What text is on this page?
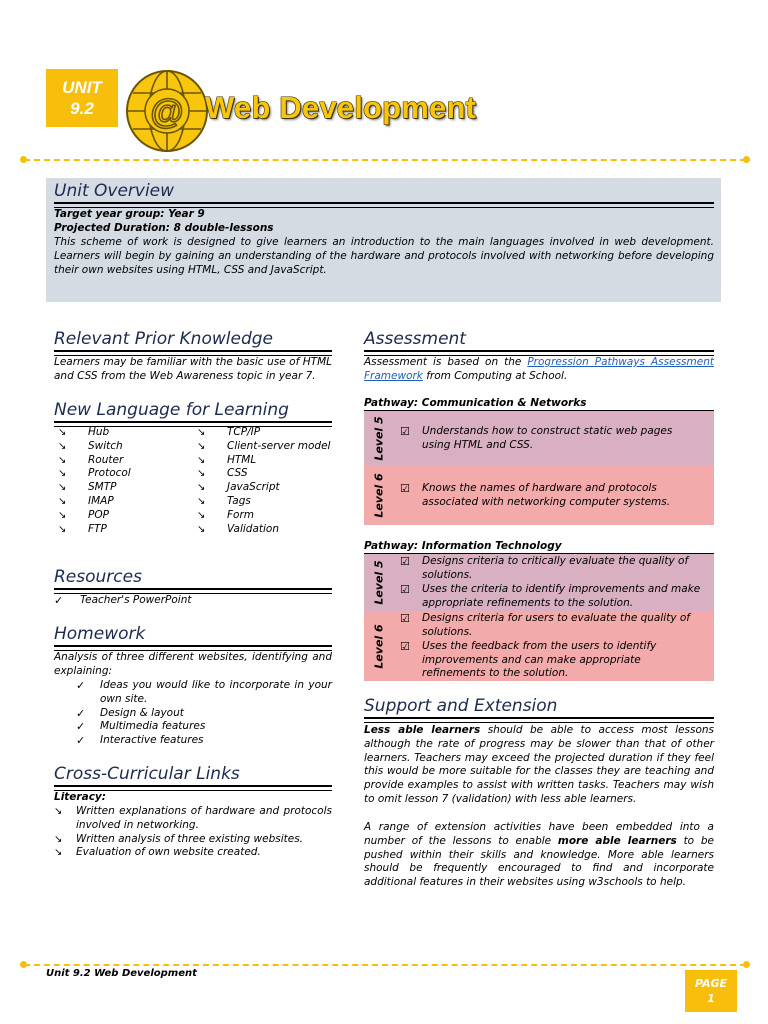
UNIT
9.2	@ Web Development
Unit Overview
Target year group: Year 9
Projected Duration: 8 double-lessons
This scheme of work is designed to give learners an introduction to the main languages involved in web development. Learners will begin by gaining an understanding of the hardware and protocols involved with networking before developing their own websites using HTML, CSS and JavaScript.
Relevant Prior Knowledge
Learners may be familiar with the basic use of HTML and CSS from the Web Awareness topic in year 7.
New Language for Learning
↘	Hub
↘	Switch
↘	Router
↘	Protocol
↘	SMTP
↘	IMAP
↘	POP
↘	FTP
↘	TCP/IP
↘	Client-server model
↘	HTML
↘	CSS
↘	JavaScript
↘	Tags
↘	Form
↘	Validation
Resources
✓	Teacher's PowerPoint
Homework
Analysis of three different websites, identifying and explaining:
✓	Ideas you would like to incorporate in your own site.
✓	Design & layout
✓	Multimedia features
✓	Interactive features
Cross-Curricular Links
Literacy:
↘	Written explanations of hardware and protocols involved in networking.
↘	Written analysis of three existing websites.
↘	Evaluation of own website created.
Assessment
Assessment is based on the Progression Pathways Assessment Framework from Computing at School.
Pathway: Communication & Networks
Level 5 ☑	Understands how to construct static web pages using HTML and CSS.
Level 6 ☑	Knows the names of hardware and protocols associated with networking computer systems.
Pathway: Information Technology
Level 5 ☑	Designs criteria to critically evaluate the quality of solutions.
☑	Uses the criteria to identify improvements and make appropriate refinements to the solution.
Level 6
☑	Designs criteria for users to evaluate the quality of solutions.
☑	Uses the feedback from the users to identify improvements and can make appropriate refinements to the solution.
Support and Extension
Less able learners should be able to access most lessons although the rate of progress may be slower than that of other learners. Teachers may exceed the projected duration if they feel this would be more suitable for the classes they are teaching and provide examples to assist with written tasks. Teachers may wish to omit lesson 7 (validation) with less able learners.
A range of extension activities have been embedded into a number of the lessons to enable more able learners to be pushed within their skills and knowledge. More able learners should be frequently encouraged to find and incorporate additional features in their websites using w3schools to help.
Unit 9.2 Web Development
PAGE
1
